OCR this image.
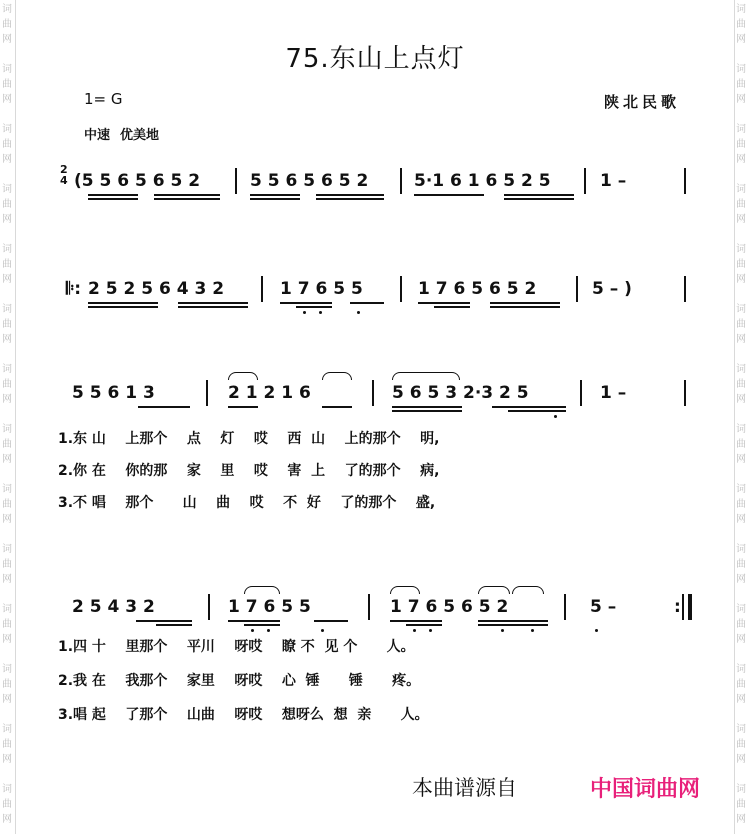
词
曲
网
词
曲
网
词
曲
网
词
曲
网
词
曲
网
词
曲
网
词
曲
网
词
曲
网
词
曲
网
词
曲
网
词
曲
网
词
曲
网
词
曲
网
词
曲
网
词
曲
网
词
曲
网
词
曲
网
词
曲
网
词
曲
网
词
曲
网
词
曲
网
词
曲
网
词
曲
网
词
曲
网
词
曲
网
词
曲
网
词
曲
网
词
曲
网
75.东山上点灯
1= G	陕北民歌
中速 优美地
2
4 (5 5 6 5 6 5 2	5 5 6 5 6 5 2	5·1 6 1 6 5 2 5	1 –
𝄆: 2 5 2 5 6 4 3 2	1 7 6 5 5	1 7 6 5 6 5 2	5 – )
5 5 6 1 3	2 1 2 1 6	5 6 5 3 2·3 2 5	1 –
1.东 山    上那个    点    灯    哎    西  山    上的那个    明,
2.你 在    你的那    家    里    哎    害  上    了的那个    病,
3.不 唱    那个      山    曲    哎    不  好    了的那个    盛,
2 5 4 3 2	1 7 6 5 5	1 7 6 5 6 5 2	5 –	:
1.四 十    里那个    平川    呀哎    瞭 不  见 个      人。
2.我 在    我那个    家里    呀哎    心  锤      锤      疼。
3.唱 起    了那个    山曲    呀哎    想呀么  想  亲      人。
本曲谱源自	中国词曲网
